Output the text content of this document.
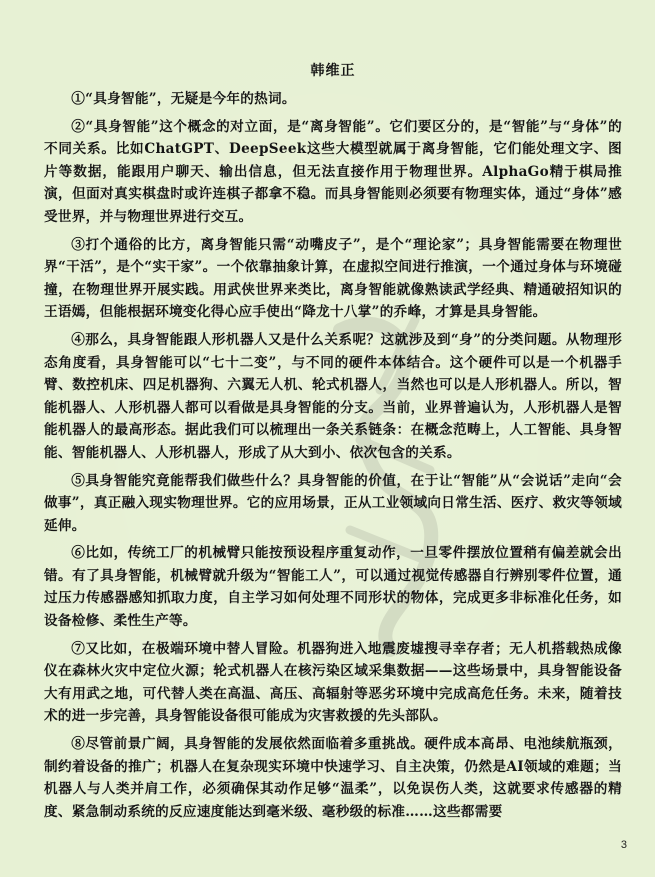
韩维正

①“具身智能”，无疑是今年的热词。

②“具身智能”这个概念的对立面，是“离身智能”。它们要区分的，是“智能”与“身体”的不同关系。比如ChatGPT、DeepSeek这些大模型就属于离身智能，它们能处理文字、图片等数据，能跟用户聊天、输出信息，但无法直接作用于物理世界。AlphaGo精于棋局推演，但面对真实棋盘时或许连棋子都拿不稳。而具身智能则必须要有物理实体，通过“身体”感受世界，并与物理世界进行交互。

③打个通俗的比方，离身智能只需“动嘴皮子”，是个“理论家”；具身智能需要在物理世界“干活”，是个“实干家”。一个依靠抽象计算，在虚拟空间进行推演，一个通过身体与环境碰撞，在物理世界开展实践。用武侠世界来类比，离身智能就像熟读武学经典、精通破招知识的王语嫣，但能根据环境变化得心应手使出“降龙十八掌”的乔峰，才算是具身智能。

④那么，具身智能跟人形机器人又是什么关系呢？这就涉及到“身”的分类问题。从物理形态角度看，具身智能可以“七十二变”，与不同的硬件本体结合。这个硬件可以是一个机器手臂、数控机床、四足机器狗、六翼无人机、轮式机器人，当然也可以是人形机器人。所以，智能机器人、人形机器人都可以看做是具身智能的分支。当前，业界普遍认为，人形机器人是智能机器人的最高形态。据此我们可以梳理出一条关系链条：在概念范畴上，人工智能、具身智能、智能机器人、人形机器人，形成了从大到小、依次包含的关系。

⑤具身智能究竟能帮我们做些什么？具身智能的价值，在于让“智能”从“会说话”走向“会做事”，真正融入现实物理世界。它的应用场景，正从工业领域向日常生活、医疗、救灾等领域延伸。

⑥比如，传统工厂的机械臂只能按预设程序重复动作，一旦零件摆放位置稍有偏差就会出错。有了具身智能，机械臂就升级为“智能工人”，可以通过视觉传感器自行辨别零件位置，通过压力传感器感知抓取力度，自主学习如何处理不同形状的物体，完成更多非标准化任务，如设备检修、柔性生产等。

⑦又比如，在极端环境中替人冒险。机器狗进入地震废墟搜寻幸存者；无人机搭载热成像仪在森林火灾中定位火源；轮式机器人在核污染区域采集数据——这些场景中，具身智能设备大有用武之地，可代替人类在高温、高压、高辐射等恶劣环境中完成高危任务。未来，随着技术的进一步完善，具身智能设备很可能成为灾害救援的先头部队。

⑧尽管前景广阔，具身智能的发展依然面临着多重挑战。硬件成本高昂、电池续航瓶颈，制约着设备的推广；机器人在复杂现实环境中快速学习、自主决策，仍然是AI领域的难题；当机器人与人类并肩工作，必须确保其动作足够“温柔”，以免误伤人类，这就要求传感器的精度、紧急制动系统的反应速度能达到毫米级、毫秒级的标准……这些都需要

3
